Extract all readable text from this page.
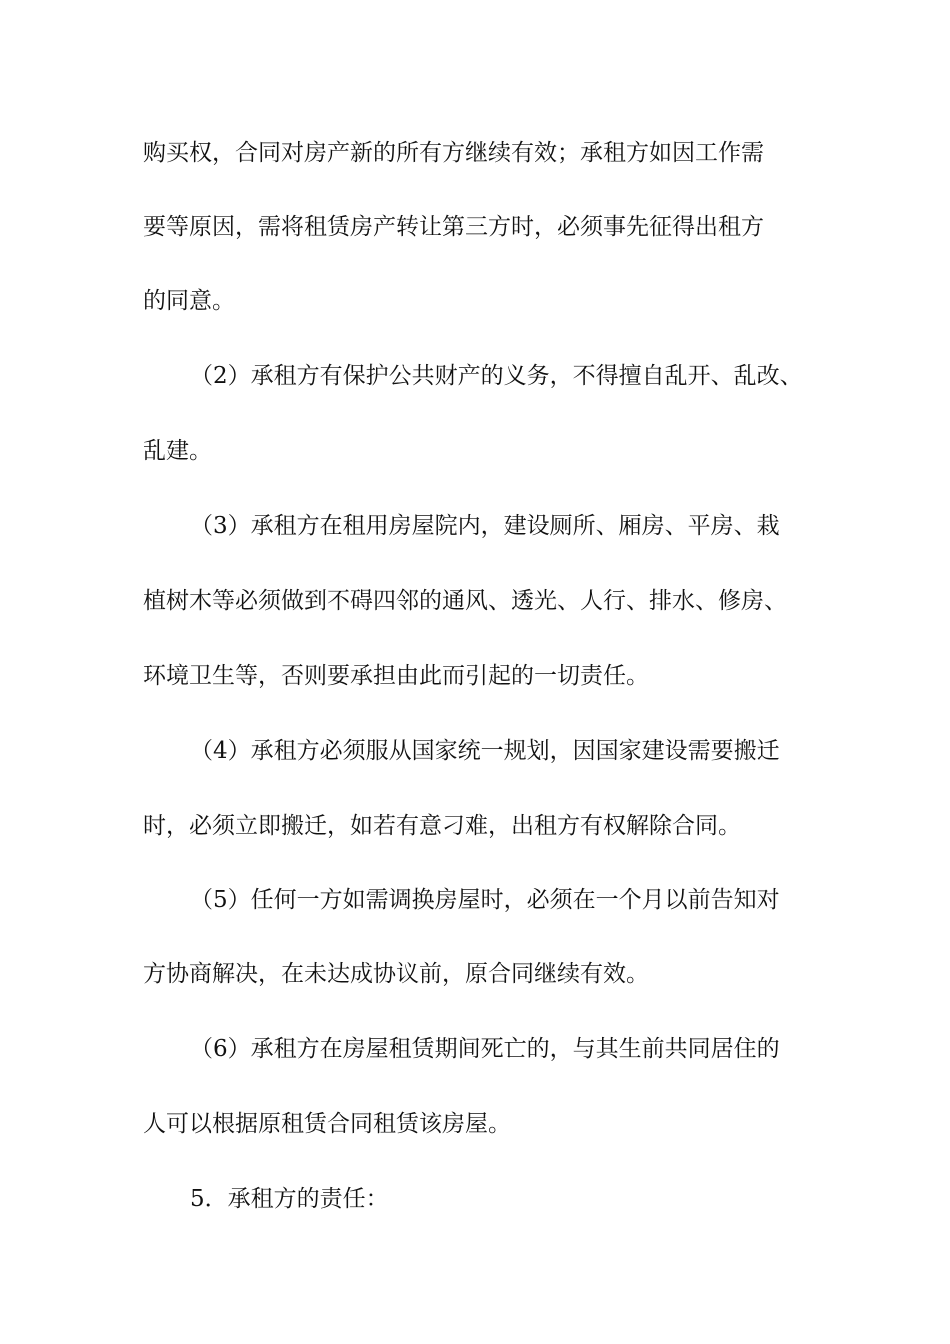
购买权，合同对房产新的所有方继续有效；承租方如因工作需
要等原因，需将租赁房产转让第三方时，必须事先征得出租方
的同意。
（2）承租方有保护公共财产的义务，不得擅自乱开、乱改、
乱建。
（3）承租方在租用房屋院内，建设厕所、厢房、平房、栽
植树木等必须做到不碍四邻的通风、透光、人行、排水、修房、
环境卫生等，否则要承担由此而引起的一切责任。
（4）承租方必须服从国家统一规划，因国家建设需要搬迁
时，必须立即搬迁，如若有意刁难，出租方有权解除合同。
（5）任何一方如需调换房屋时，必须在一个月以前告知对
方协商解决，在未达成协议前，原合同继续有效。
（6）承租方在房屋租赁期间死亡的，与其生前共同居住的
人可以根据原租赁合同租赁该房屋。
5．承租方的责任：
